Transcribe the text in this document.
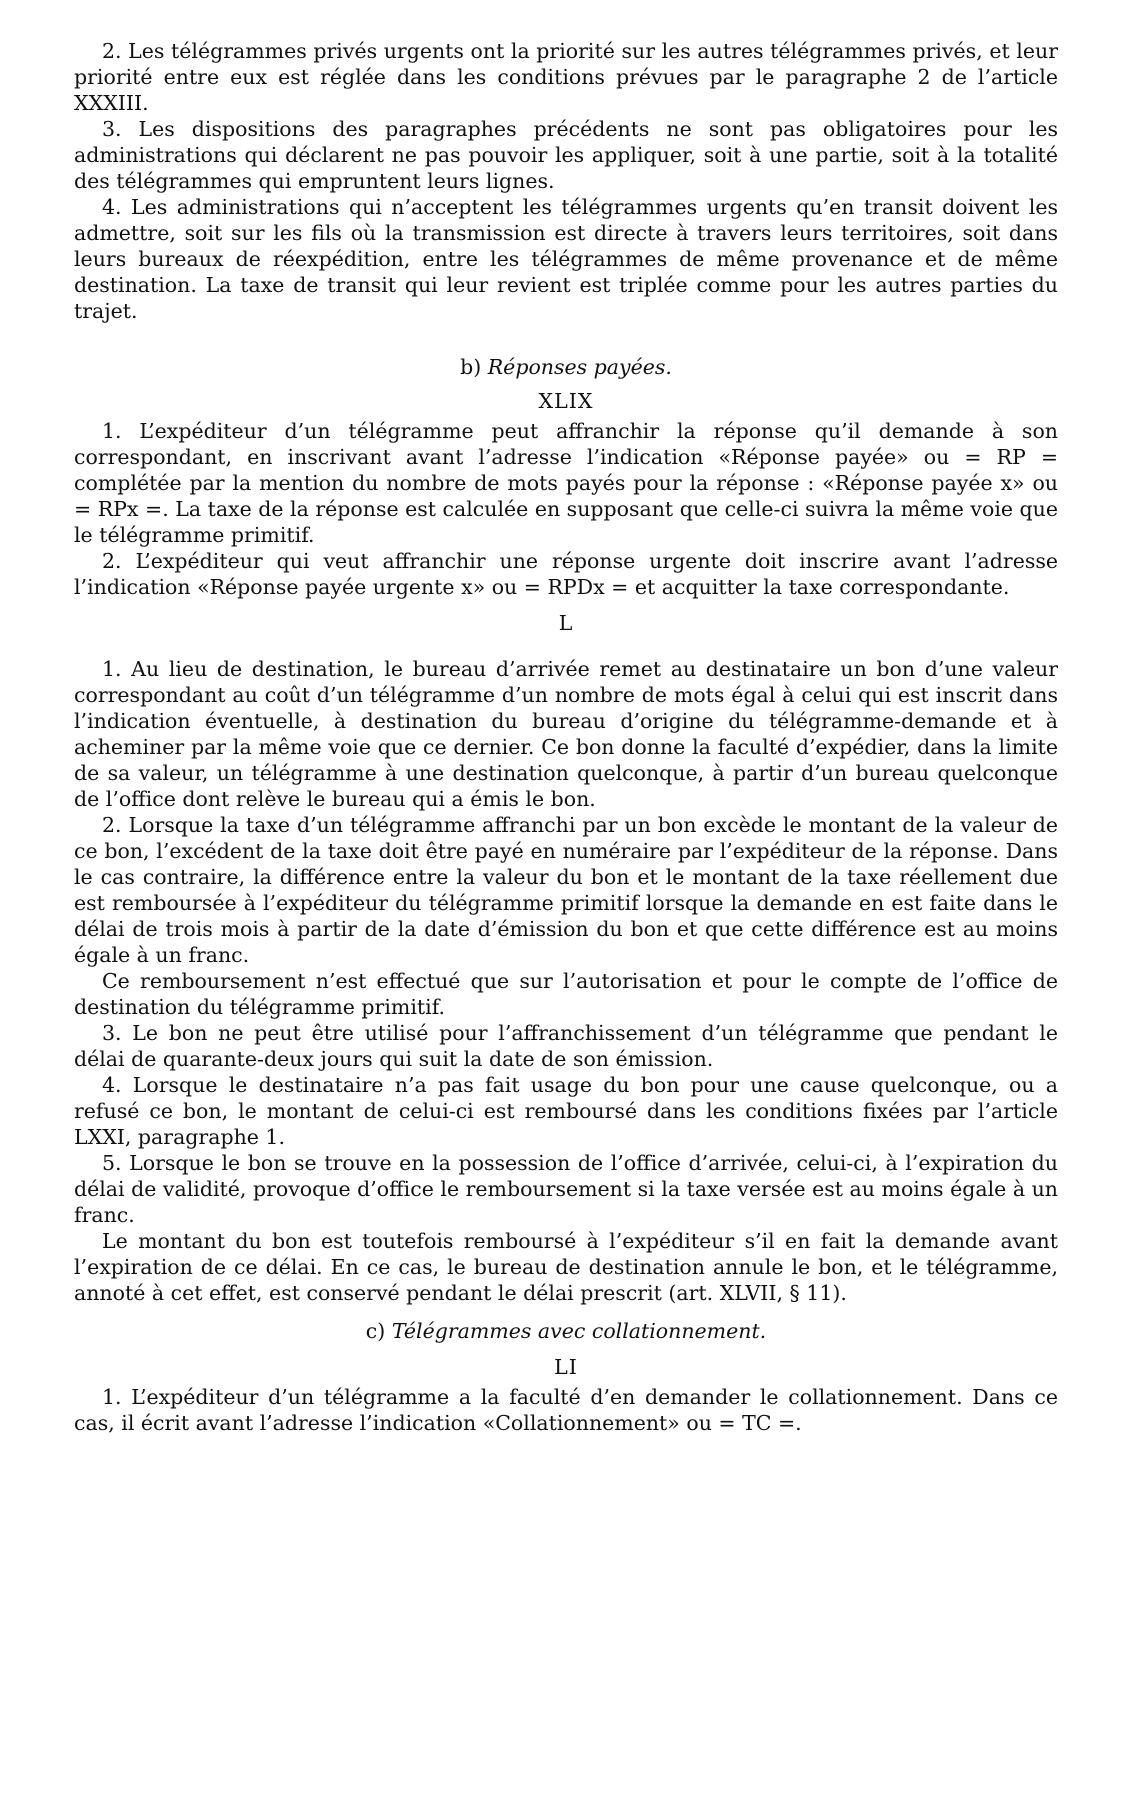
2. Les télégrammes privés urgents ont la priorité sur les autres télégrammes privés, et leur priorité entre eux est réglée dans les conditions prévues par le paragraphe 2 de l’article XXXIII.

3. Les dispositions des paragraphes précédents ne sont pas obligatoires pour les administrations qui déclarent ne pas pouvoir les appliquer, soit à une partie, soit à la totalité des télégrammes qui empruntent leurs lignes.

4. Les administrations qui n’acceptent les télégrammes urgents qu’en transit doivent les admettre, soit sur les fils où la transmission est directe à travers leurs territoires, soit dans leurs bureaux de réexpédition, entre les télégrammes de même provenance et de même destination. La taxe de transit qui leur revient est triplée comme pour les autres parties du trajet.

b) Réponses payées.

XLIX

1. L’expéditeur d’un télégramme peut affranchir la réponse qu’il demande à son correspondant, en inscrivant avant l’adresse l’indication «Réponse payée» ou = RP = complétée par la mention du nombre de mots payés pour la réponse : «Réponse payée x» ou = RPx =. La taxe de la réponse est calculée en supposant que celle-ci suivra la même voie que le télégramme primitif.

2. L’expéditeur qui veut affranchir une réponse urgente doit inscrire avant l’adresse l’indication «Réponse payée urgente x» ou = RPDx = et acquitter la taxe correspondante.

L

1. Au lieu de destination, le bureau d’arrivée remet au destinataire un bon d’une valeur correspondant au coût d’un télégramme d’un nombre de mots égal à celui qui est inscrit dans l’indication éventuelle, à destination du bureau d’origine du télégramme-demande et à acheminer par la même voie que ce dernier. Ce bon donne la faculté d’expédier, dans la limite de sa valeur, un télégramme à une destination quelconque, à partir d’un bureau quelconque de l’office dont relève le bureau qui a émis le bon.

2. Lorsque la taxe d’un télégramme affranchi par un bon excède le montant de la valeur de ce bon, l’excédent de la taxe doit être payé en numéraire par l’expéditeur de la réponse. Dans le cas contraire, la différence entre la valeur du bon et le montant de la taxe réellement due est remboursée à l’expéditeur du télégramme primitif lorsque la demande en est faite dans le délai de trois mois à partir de la date d’émission du bon et que cette différence est au moins égale à un franc.

Ce remboursement n’est effectué que sur l’autorisation et pour le compte de l’office de destination du télégramme primitif.

3. Le bon ne peut être utilisé pour l’affranchissement d’un télégramme que pendant le délai de quarante-deux jours qui suit la date de son émission.

4. Lorsque le destinataire n’a pas fait usage du bon pour une cause quelconque, ou a refusé ce bon, le montant de celui-ci est remboursé dans les conditions fixées par l’article LXXI, paragraphe 1.

5. Lorsque le bon se trouve en la possession de l’office d’arrivée, celui-ci, à l’expiration du délai de validité, provoque d’office le remboursement si la taxe versée est au moins égale à un franc.

Le montant du bon est toutefois remboursé à l’expéditeur s’il en fait la demande avant l’expiration de ce délai. En ce cas, le bureau de destination annule le bon, et le télégramme, annoté à cet effet, est conservé pendant le délai prescrit (art. XLVII, § 11).

c) Télégrammes avec collationnement.

LI

1. L’expéditeur d’un télégramme a la faculté d’en demander le collationnement. Dans ce cas, il écrit avant l’adresse l’indication «Collationnement» ou = TC =.
